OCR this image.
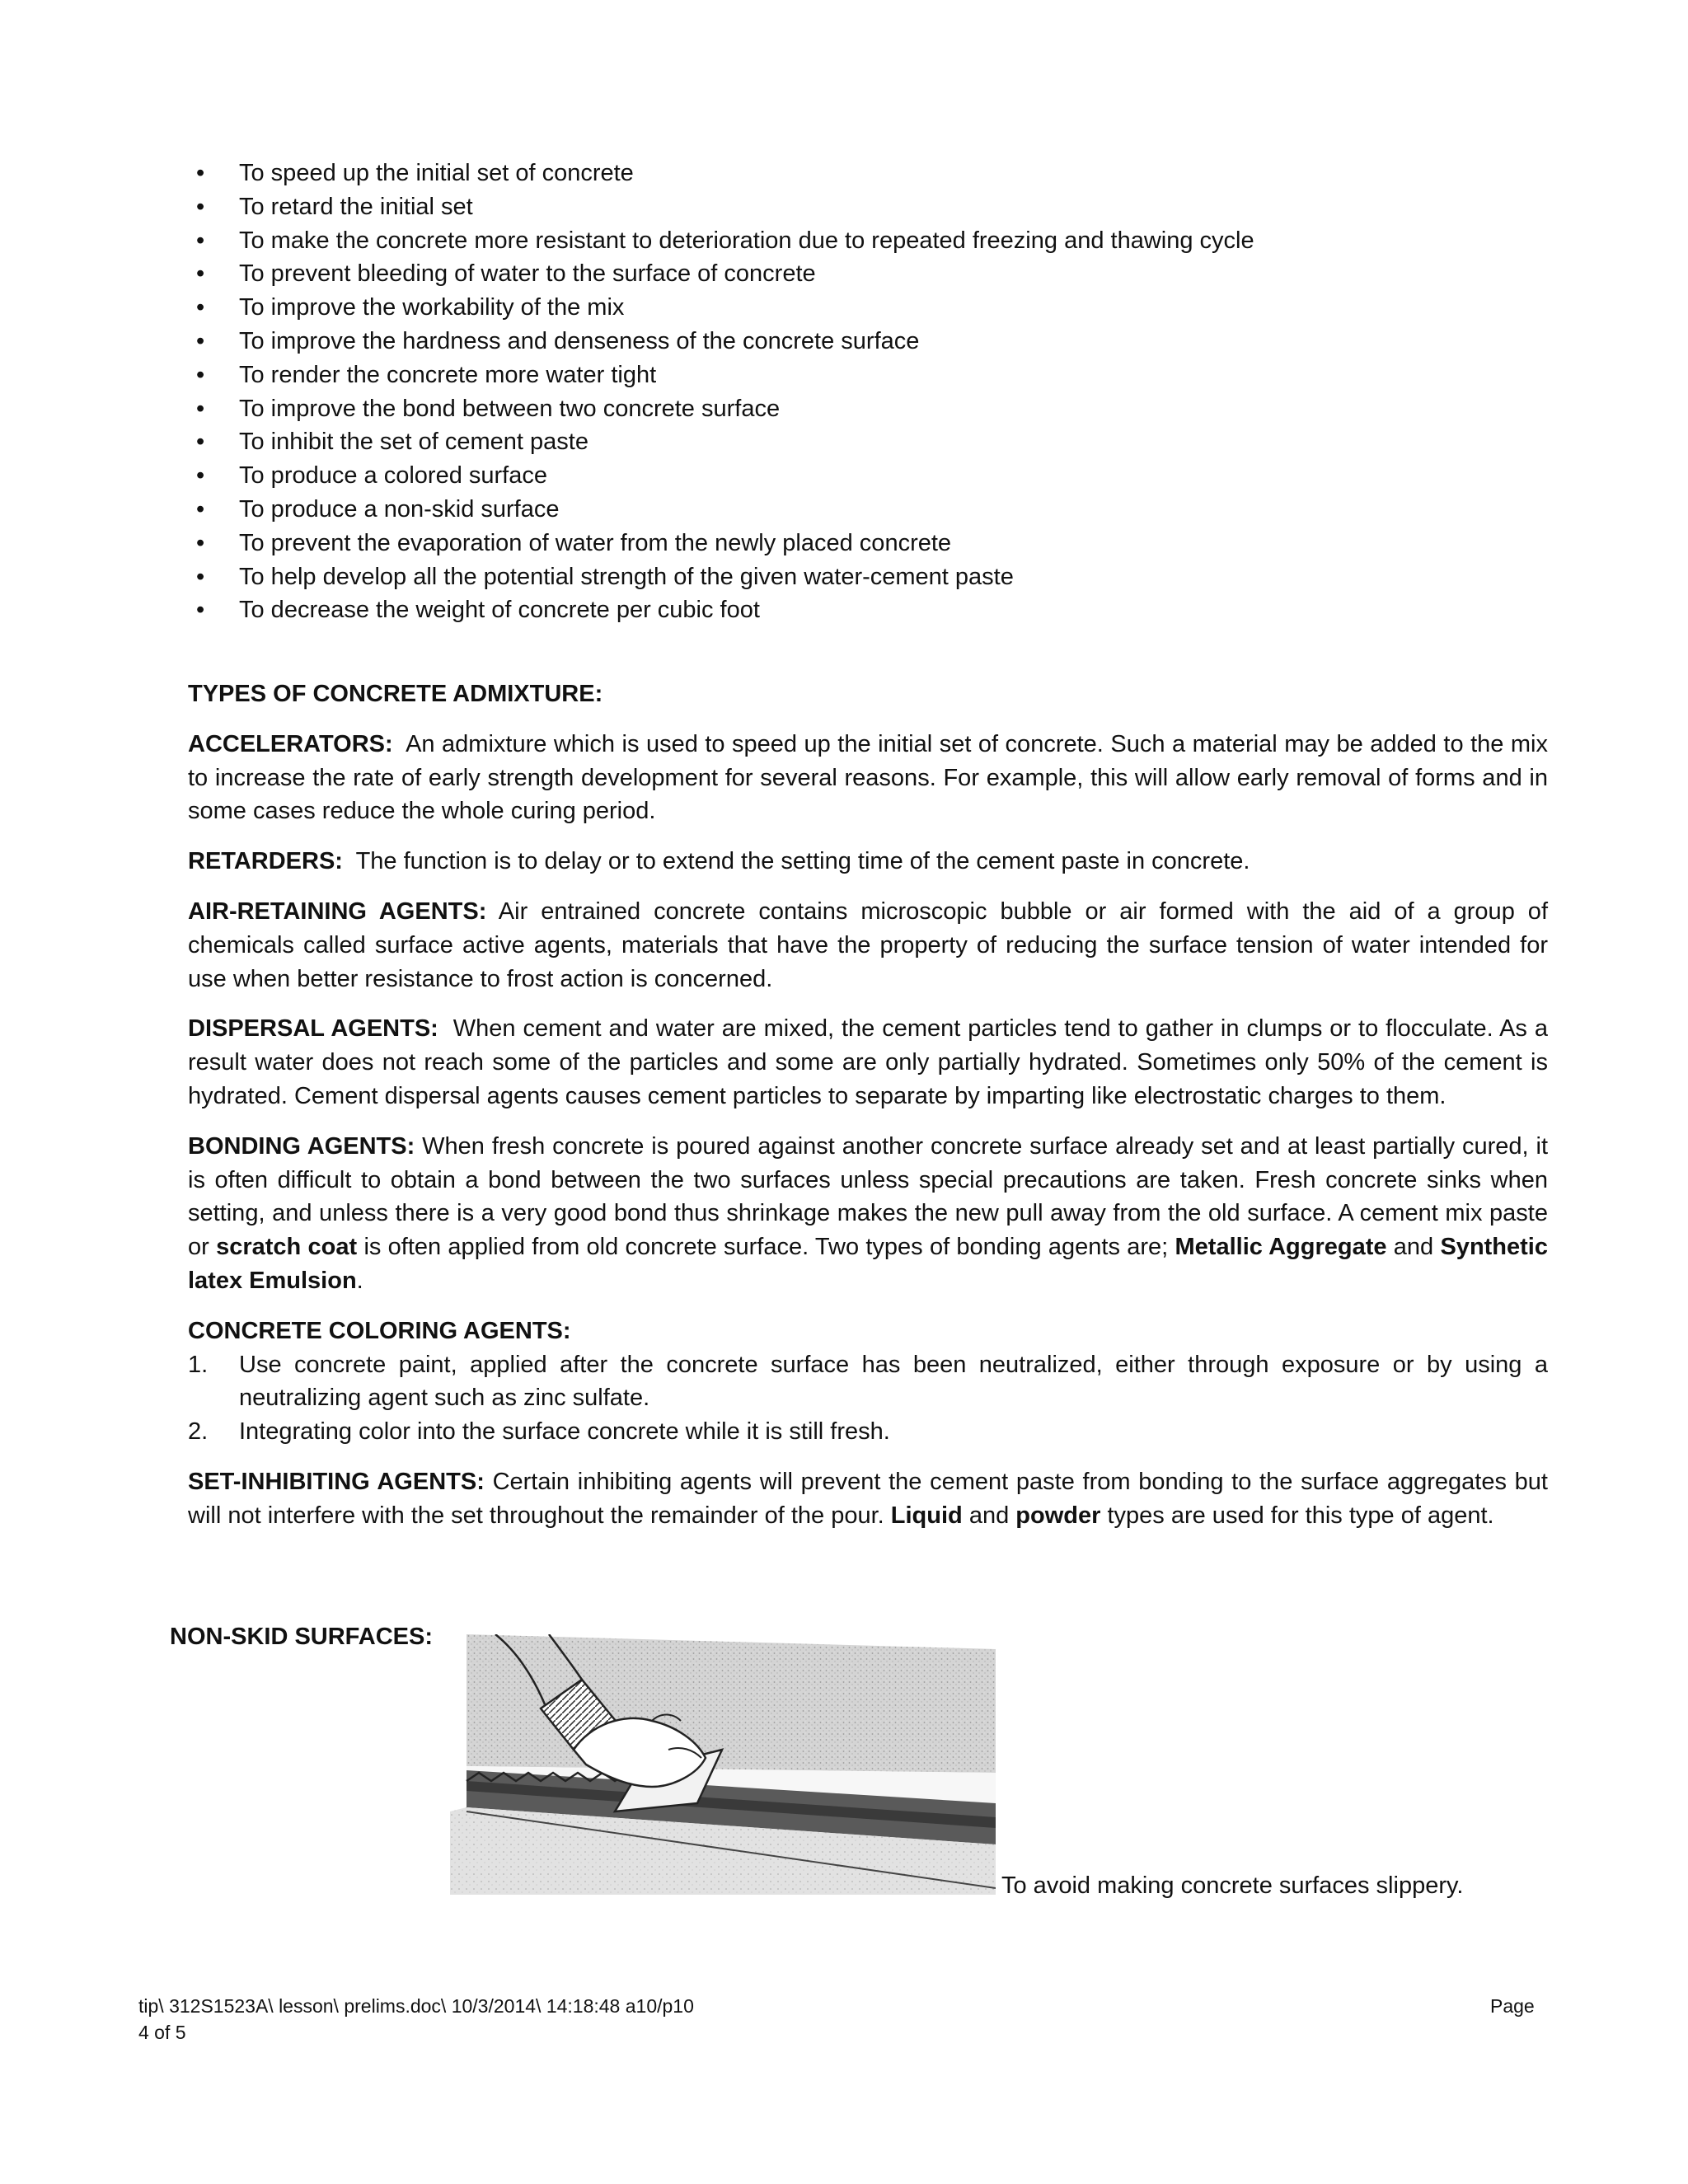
• To speed up the initial set of concrete
• To retard the initial set
• To make the concrete more resistant to deterioration due to repeated freezing and thawing cycle
• To prevent bleeding of water to the surface of concrete
• To improve the workability of the mix
• To improve the hardness and denseness of the concrete surface
• To render the concrete more water tight
• To improve the bond between two concrete surface
• To inhibit the set of cement paste
• To produce a colored surface
• To produce a non-skid surface
• To prevent the evaporation of water from the newly placed concrete
• To help develop all the potential strength of the given water-cement paste
• To decrease the weight of concrete per cubic foot

TYPES OF CONCRETE ADMIXTURE:

ACCELERATORS: An admixture which is used to speed up the initial set of concrete. Such a material may be added to the mix to increase the rate of early strength development for several reasons. For example, this will allow early removal of forms and in some cases reduce the whole curing period.

RETARDERS: The function is to delay or to extend the setting time of the cement paste in concrete.

AIR-RETAINING AGENTS: Air entrained concrete contains microscopic bubble or air formed with the aid of a group of chemicals called surface active agents, materials that have the property of reducing the surface tension of water intended for use when better resistance to frost action is concerned.

DISPERSAL AGENTS: When cement and water are mixed, the cement particles tend to gather in clumps or to flocculate. As a result water does not reach some of the particles and some are only partially hydrated. Sometimes only 50% of the cement is hydrated. Cement dispersal agents causes cement particles to separate by imparting like electrostatic charges to them.

BONDING AGENTS: When fresh concrete is poured against another concrete surface already set and at least partially cured, it is often difficult to obtain a bond between the two surfaces unless special precautions are taken. Fresh concrete sinks when setting, and unless there is a very good bond thus shrinkage makes the new pull away from the old surface. A cement mix paste or scratch coat is often applied from old concrete surface. Two types of bonding agents are; Metallic Aggregate and Synthetic latex Emulsion.

CONCRETE COLORING AGENTS:

1. Use concrete paint, applied after the concrete surface has been neutralized, either through exposure or by using a neutralizing agent such as zinc sulfate.
2. Integrating color into the surface concrete while it is still fresh.

SET-INHIBITING AGENTS: Certain inhibiting agents will prevent the cement paste from bonding to the surface aggregates but will not interfere with the set throughout the remainder of the pour. Liquid and powder types are used for this type of agent.

NON-SKID SURFACES:
To avoid making concrete surfaces slippery.
tip\ 312S1523A\ lesson\ prelims.doc\ 10/3/2014\ 14:18:48 a10/p10
4 of 5
Page
